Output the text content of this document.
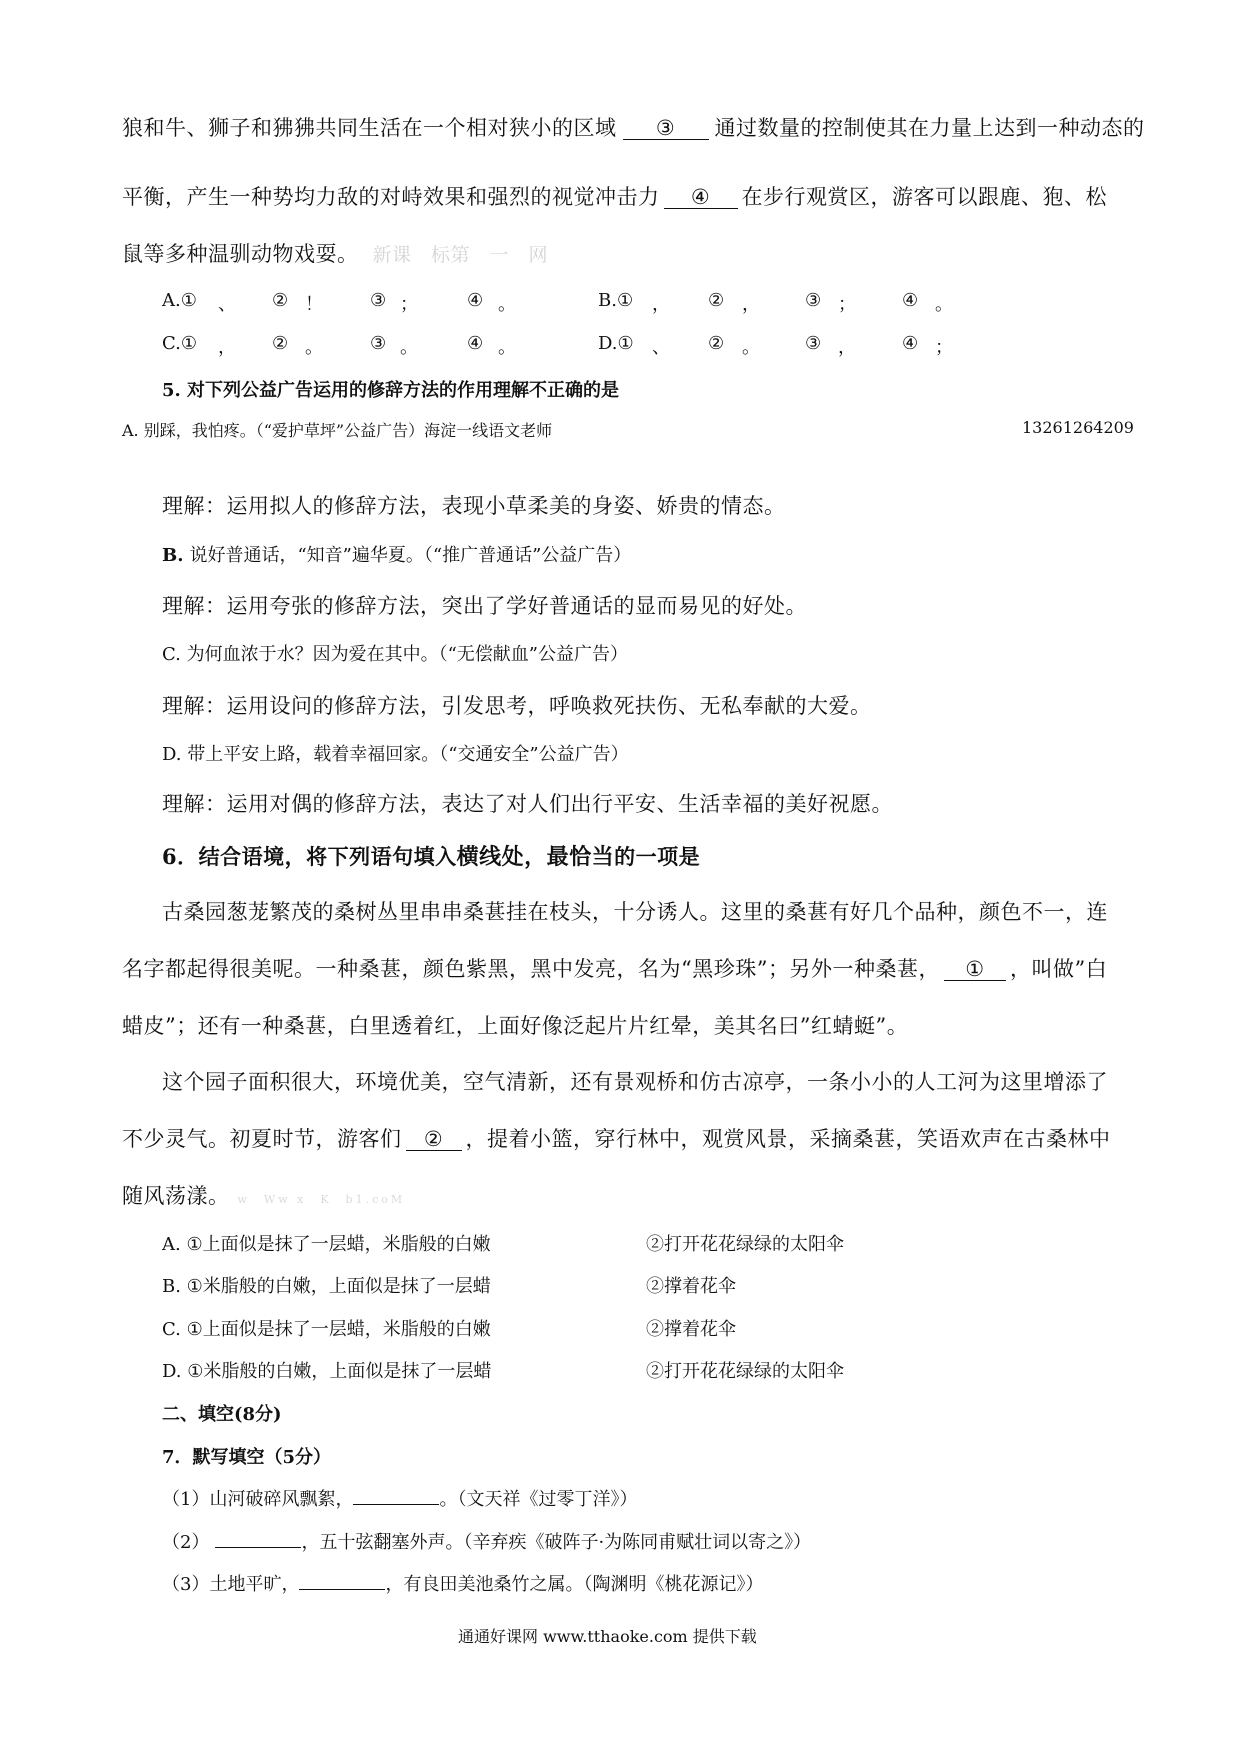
狼和牛、狮子和狒狒共同生活在一个相对狭小的区域 ③ 通过数量的控制使其在力量上达到一种动态的
平衡，产生一种势均力敌的对峙效果和强烈的视觉冲击力 ④ 在步行观赏区，游客可以跟鹿、狍、松
鼠等多种温驯动物戏耍。 新课　标第　一　网
A.① 、 ② ！	③ ；	④ 。	B.① ， ② ，	③ ；	④ 。
C.① ， ② 。	③ 。	④ 。	D.① 、 ② 。	③ ，	④ ；
5. 对下列公益广告运用的修辞方法的作用理解不正确的是
A. 别踩，我怕疼。（“爱护草坪”公益广告）海淀一线语文老师	13261264209
理解：运用拟人的修辞方法，表现小草柔美的身姿、娇贵的情态。
B. 说好普通话，“知音”遍华夏。（“推广普通话”公益广告）
理解：运用夸张的修辞方法，突出了学好普通话的显而易见的好处。
C. 为何血浓于水？因为爱在其中。（“无偿献血”公益广告）
理解：运用设问的修辞方法，引发思考，呼唤救死扶伤、无私奉献的大爱。
D. 带上平安上路，载着幸福回家。（“交通安全”公益广告）
理解：运用对偶的修辞方法，表达了对人们出行平安、生活幸福的美好祝愿。
6．结合语境，将下列语句填入横线处，最恰当的一项是
古桑园葱茏繁茂的桑树丛里串串桑葚挂在枝头，十分诱人。这里的桑葚有好几个品种，颜色不一，连
名字都起得很美呢。一种桑葚，颜色紫黑，黑中发亮，名为“黑珍珠”；另外一种桑葚， ① ，叫做”白
蜡皮”；还有一种桑葚，白里透着红，上面好像泛起片片红晕，美其名曰”红蜻蜓”。
这个园子面积很大，环境优美，空气清新，还有景观桥和仿古凉亭，一条小小的人工河为这里增添了
不少灵气。初夏时节，游客们 ② ，提着小篮，穿行林中，观赏风景，采摘桑葚，笑语欢声在古桑林中
随风荡漾。 w　Ww x　K　b1.coM
A. ①上面似是抹了一层蜡，米脂般的白嫩	②打开花花绿绿的太阳伞
B. ①米脂般的白嫩，上面似是抹了一层蜡	②撑着花伞
C. ①上面似是抹了一层蜡，米脂般的白嫩	②撑着花伞
D. ①米脂般的白嫩，上面似是抹了一层蜡	②打开花花绿绿的太阳伞
二、填空(8分)
7．默写填空（5分）
（1）山河破碎风飘絮，	。（文天祥《过零丁洋》）
（2）	，五十弦翻塞外声。（辛弃疾《破阵子·为陈同甫赋壮词以寄之》）
（3）土地平旷，	，有良田美池桑竹之属。（陶渊明《桃花源记》）
通通好课网 www.tthaoke.com 提供下载
